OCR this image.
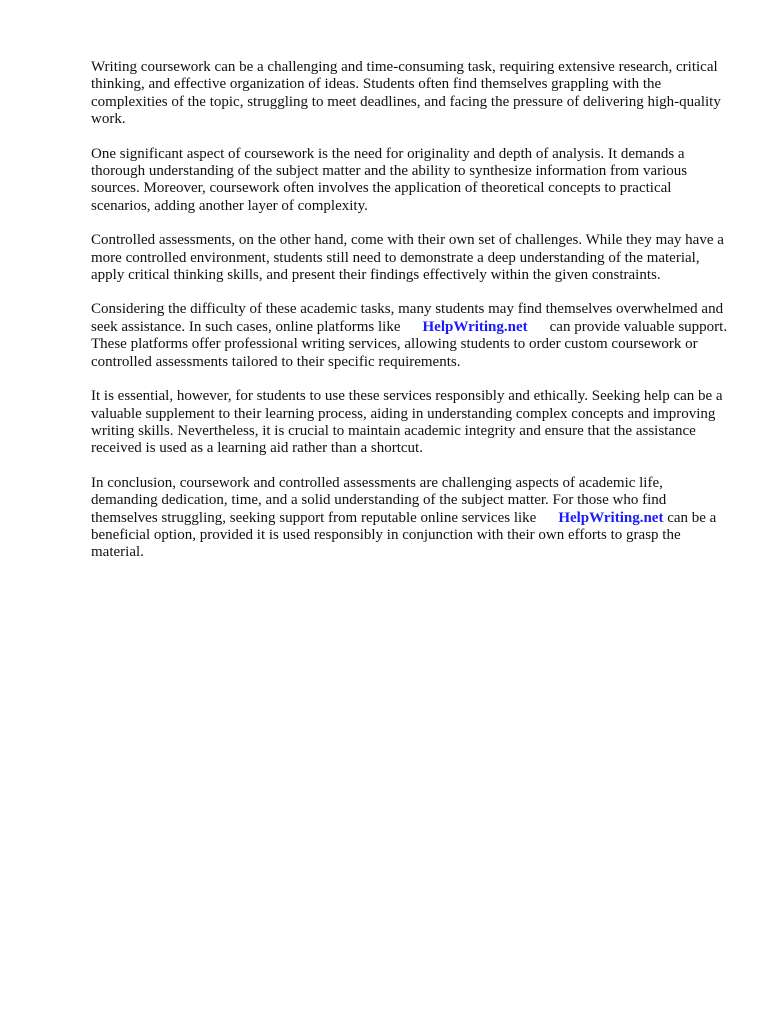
Writing coursework can be a challenging and time-consuming task, requiring extensive research, critical thinking, and effective organization of ideas. Students often find themselves grappling with the complexities of the topic, struggling to meet deadlines, and facing the pressure of delivering high-quality work.

One significant aspect of coursework is the need for originality and depth of analysis. It demands a thorough understanding of the subject matter and the ability to synthesize information from various sources. Moreover, coursework often involves the application of theoretical concepts to practical scenarios, adding another layer of complexity.

Controlled assessments, on the other hand, come with their own set of challenges. While they may have a more controlled environment, students still need to demonstrate a deep understanding of the material, apply critical thinking skills, and present their findings effectively within the given constraints.

Considering the difficulty of these academic tasks, many students may find themselves overwhelmed and seek assistance. In such cases, online platforms like HelpWriting.net can provide valuable support. These platforms offer professional writing services, allowing students to order custom coursework or controlled assessments tailored to their specific requirements.

It is essential, however, for students to use these services responsibly and ethically. Seeking help can be a valuable supplement to their learning process, aiding in understanding complex concepts and improving writing skills. Nevertheless, it is crucial to maintain academic integrity and ensure that the assistance received is used as a learning aid rather than a shortcut.

In conclusion, coursework and controlled assessments are challenging aspects of academic life, demanding dedication, time, and a solid understanding of the subject matter. For those who find themselves struggling, seeking support from reputable online services like HelpWriting.net can be a beneficial option, provided it is used responsibly in conjunction with their own efforts to grasp the material.
